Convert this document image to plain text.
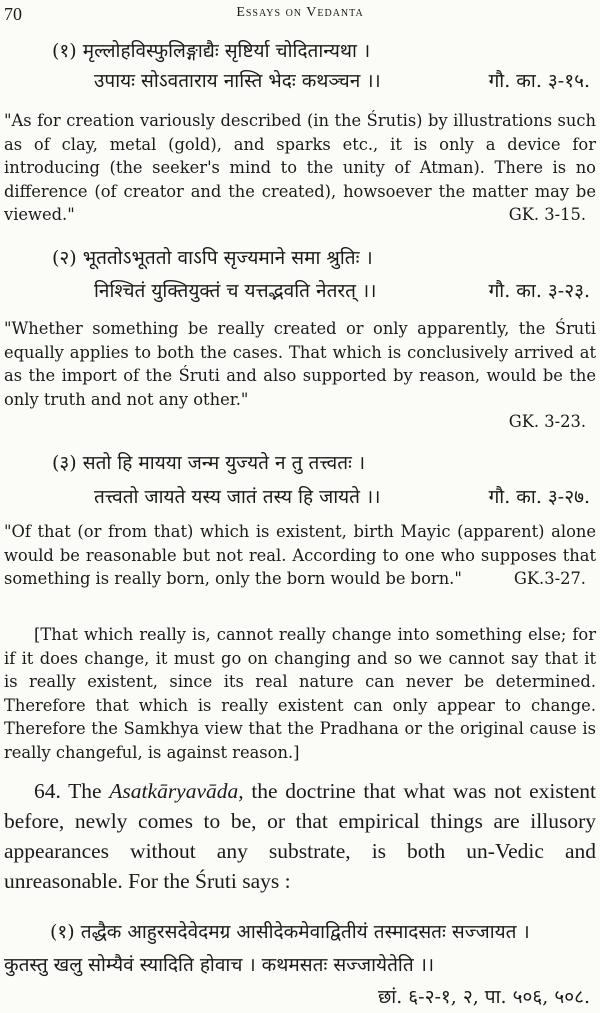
70	Essays on Vedanta
(१) मृल्लोहविस्फुलिङ्गाद्यैः सृष्टिर्या चोदितान्यथा ।
उपायः सोऽवताराय नास्ति भेदः कथञ्चन ।।	गौ. का. ३-१५.
"As for creation variously described (in the Śrutis) by illustrations such as of clay, metal (gold), and sparks etc., it is only a device for introducing (the seeker's mind to the unity of Atman). There is no difference (of creator and the created), howsoever the matter may be viewed."	GK. 3-15.
(२) भूततोऽभूततो वाऽपि सृज्यमाने समा श्रुतिः ।
निश्चितं युक्तियुक्तं च यत्तद्भवति नेतरत् ।।	गौ. का. ३-२३.
"Whether something be really created or only apparently, the Śruti equally applies to both the cases. That which is conclusively arrived at as the import of the Śruti and also supported by reason, would be the only truth and not any other."
GK. 3-23.
(३) सतो हि मायया जन्म युज्यते न तु तत्त्वतः ।
तत्त्वतो जायते यस्य जातं तस्य हि जायते ।।	गौ. का. ३-२७.
"Of that (or from that) which is existent, birth Mayic (apparent) alone would be reasonable but not real. According to one who supposes that something is really born, only the born would be born."	GK.3-27.
[That which really is, cannot really change into something else; for if it does change, it must go on changing and so we cannot say that it is really existent, since its real nature can never be determined. Therefore that which is really existent can only appear to change. Therefore the Samkhya view that the Pradhana or the original cause is really changeful, is against reason.]
64. The Asatkāryavāda, the doctrine that what was not existent before, newly comes to be, or that empirical things are illusory appearances without any substrate, is both un-Vedic and unreasonable. For the Śruti says :
(१) तद्धैक आहुरसदेवेदमग्र आसीदेकमेवाद्वितीयं तस्मादसतः सज्जायत ।
कुतस्तु खलु सोम्यैवं स्यादिति होवाच । कथमसतः सज्जायेतेति ।।
छां. ६-२-१, २, पा. ५०६, ५०८.
